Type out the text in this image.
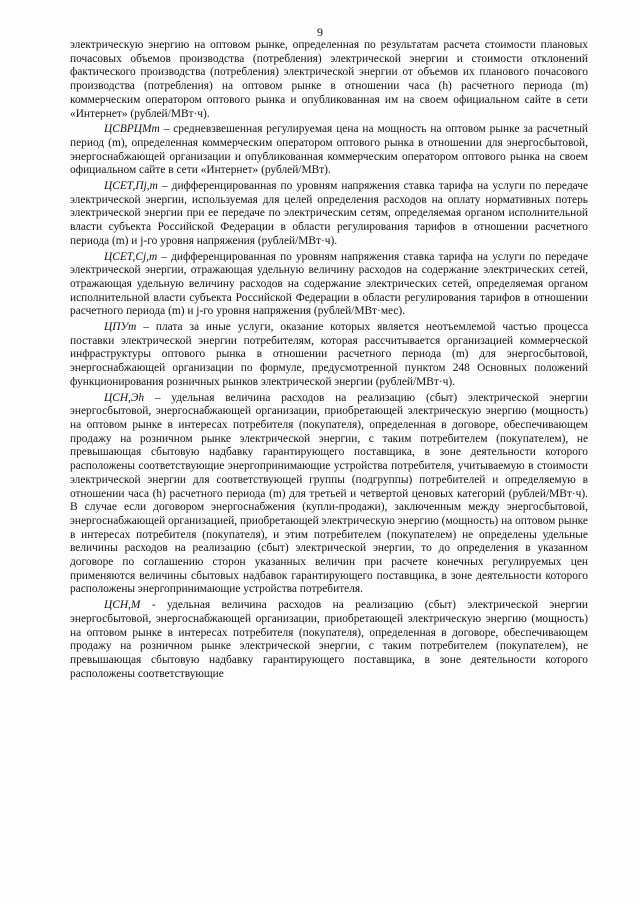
9

электрическую энергию на оптовом рынке, определенная по результатам расчета стоимости плановых почасовых объемов производства (потребления) электрической энергии и стоимости отклонений фактического производства (потребления) электрической энергии от объемов их планового почасового производства (потребления) на оптовом рынке в отношении часа (h) расчетного периода (m) коммерческим оператором оптового рынка и опубликованная им на своем официальном сайте в сети «Интернет» (рублей/МВт·ч).

ЦСВРЦМm – средневзвешенная регулируемая цена на мощность на оптовом рынке за расчетный период (m), определенная коммерческим оператором оптового рынка в отношении для энергосбытовой, энергоснабжающей организации и опубликованная коммерческим оператором оптового рынка на своем официальном сайте в сети «Интернет» (рублей/МВт).

ЦСЕТ,Пj,m – дифференцированная по уровням напряжения ставка тарифа на услуги по передаче электрической энергии, используемая для целей определения расходов на оплату нормативных потерь электрической энергии при ее передаче по электрическим сетям, определяемая органом исполнительной власти субъекта Российской Федерации в области регулирования тарифов в отношении расчетного периода (m) и j-го уровня напряжения (рублей/МВт·ч).

ЦСЕТ,Сj,m – дифференцированная по уровням напряжения ставка тарифа на услуги по передаче электрической энергии, отражающая удельную величину расходов на содержание электрических сетей, отражающая удельную величину расходов на содержание электрических сетей, определяемая органом исполнительной власти субъекта Российской Федерации в области регулирования тарифов в отношении расчетного периода (m) и j-го уровня напряжения (рублей/МВт·мес).

ЦПУm – плата за иные услуги, оказание которых является неотъемлемой частью процесса поставки электрической энергии потребителям, которая рассчитывается организацией коммерческой инфраструктуры оптового рынка в отношении расчетного периода (m) для энергосбытовой, энергоснабжающей организации по формуле, предусмотренной пунктом 248 Основных положений функционирования розничных рынков электрической энергии (рублей/МВт·ч).

ЦСН,Эh – удельная величина расходов на реализацию (сбыт) электрической энергии энергосбытовой, энергоснабжающей организации, приобретающей электрическую энергию (мощность) на оптовом рынке в интересах потребителя (покупателя), определенная в договоре, обеспечивающем продажу на розничном рынке электрической энергии, с таким потребителем (покупателем), не превышающая сбытовую надбавку гарантирующего поставщика, в зоне деятельности которого расположены соответствующие энергопринимающие устройства потребителя, учитываемую в стоимости электрической энергии для соответствующей группы (подгруппы) потребителей и определяемую в отношении часа (h) расчетного периода (m) для третьей и четвертой ценовых категорий (рублей/МВт·ч). В случае если договором энергоснабжения (купли-продажи), заключенным между энергосбытовой, энергоснабжающей организацией, приобретающей электрическую энергию (мощность) на оптовом рынке в интересах потребителя (покупателя), и этим потребителем (покупателем) не определены удельные величины расходов на реализацию (сбыт) электрической энергии, то до определения в указанном договоре по соглашению сторон указанных величин при расчете конечных регулируемых цен применяются величины сбытовых надбавок гарантирующего поставщика, в зоне деятельности которого расположены энергопринимающие устройства потребителя.

ЦСН,М - удельная величина расходов на реализацию (сбыт) электрической энергии энергосбытовой, энергоснабжающей организации, приобретающей электрическую энергию (мощность) на оптовом рынке в интересах потребителя (покупателя), определенная в договоре, обеспечивающем продажу на розничном рынке электрической энергии, с таким потребителем (покупателем), не превышающая сбытовую надбавку гарантирующего поставщика, в зоне деятельности которого расположены соответствующие
